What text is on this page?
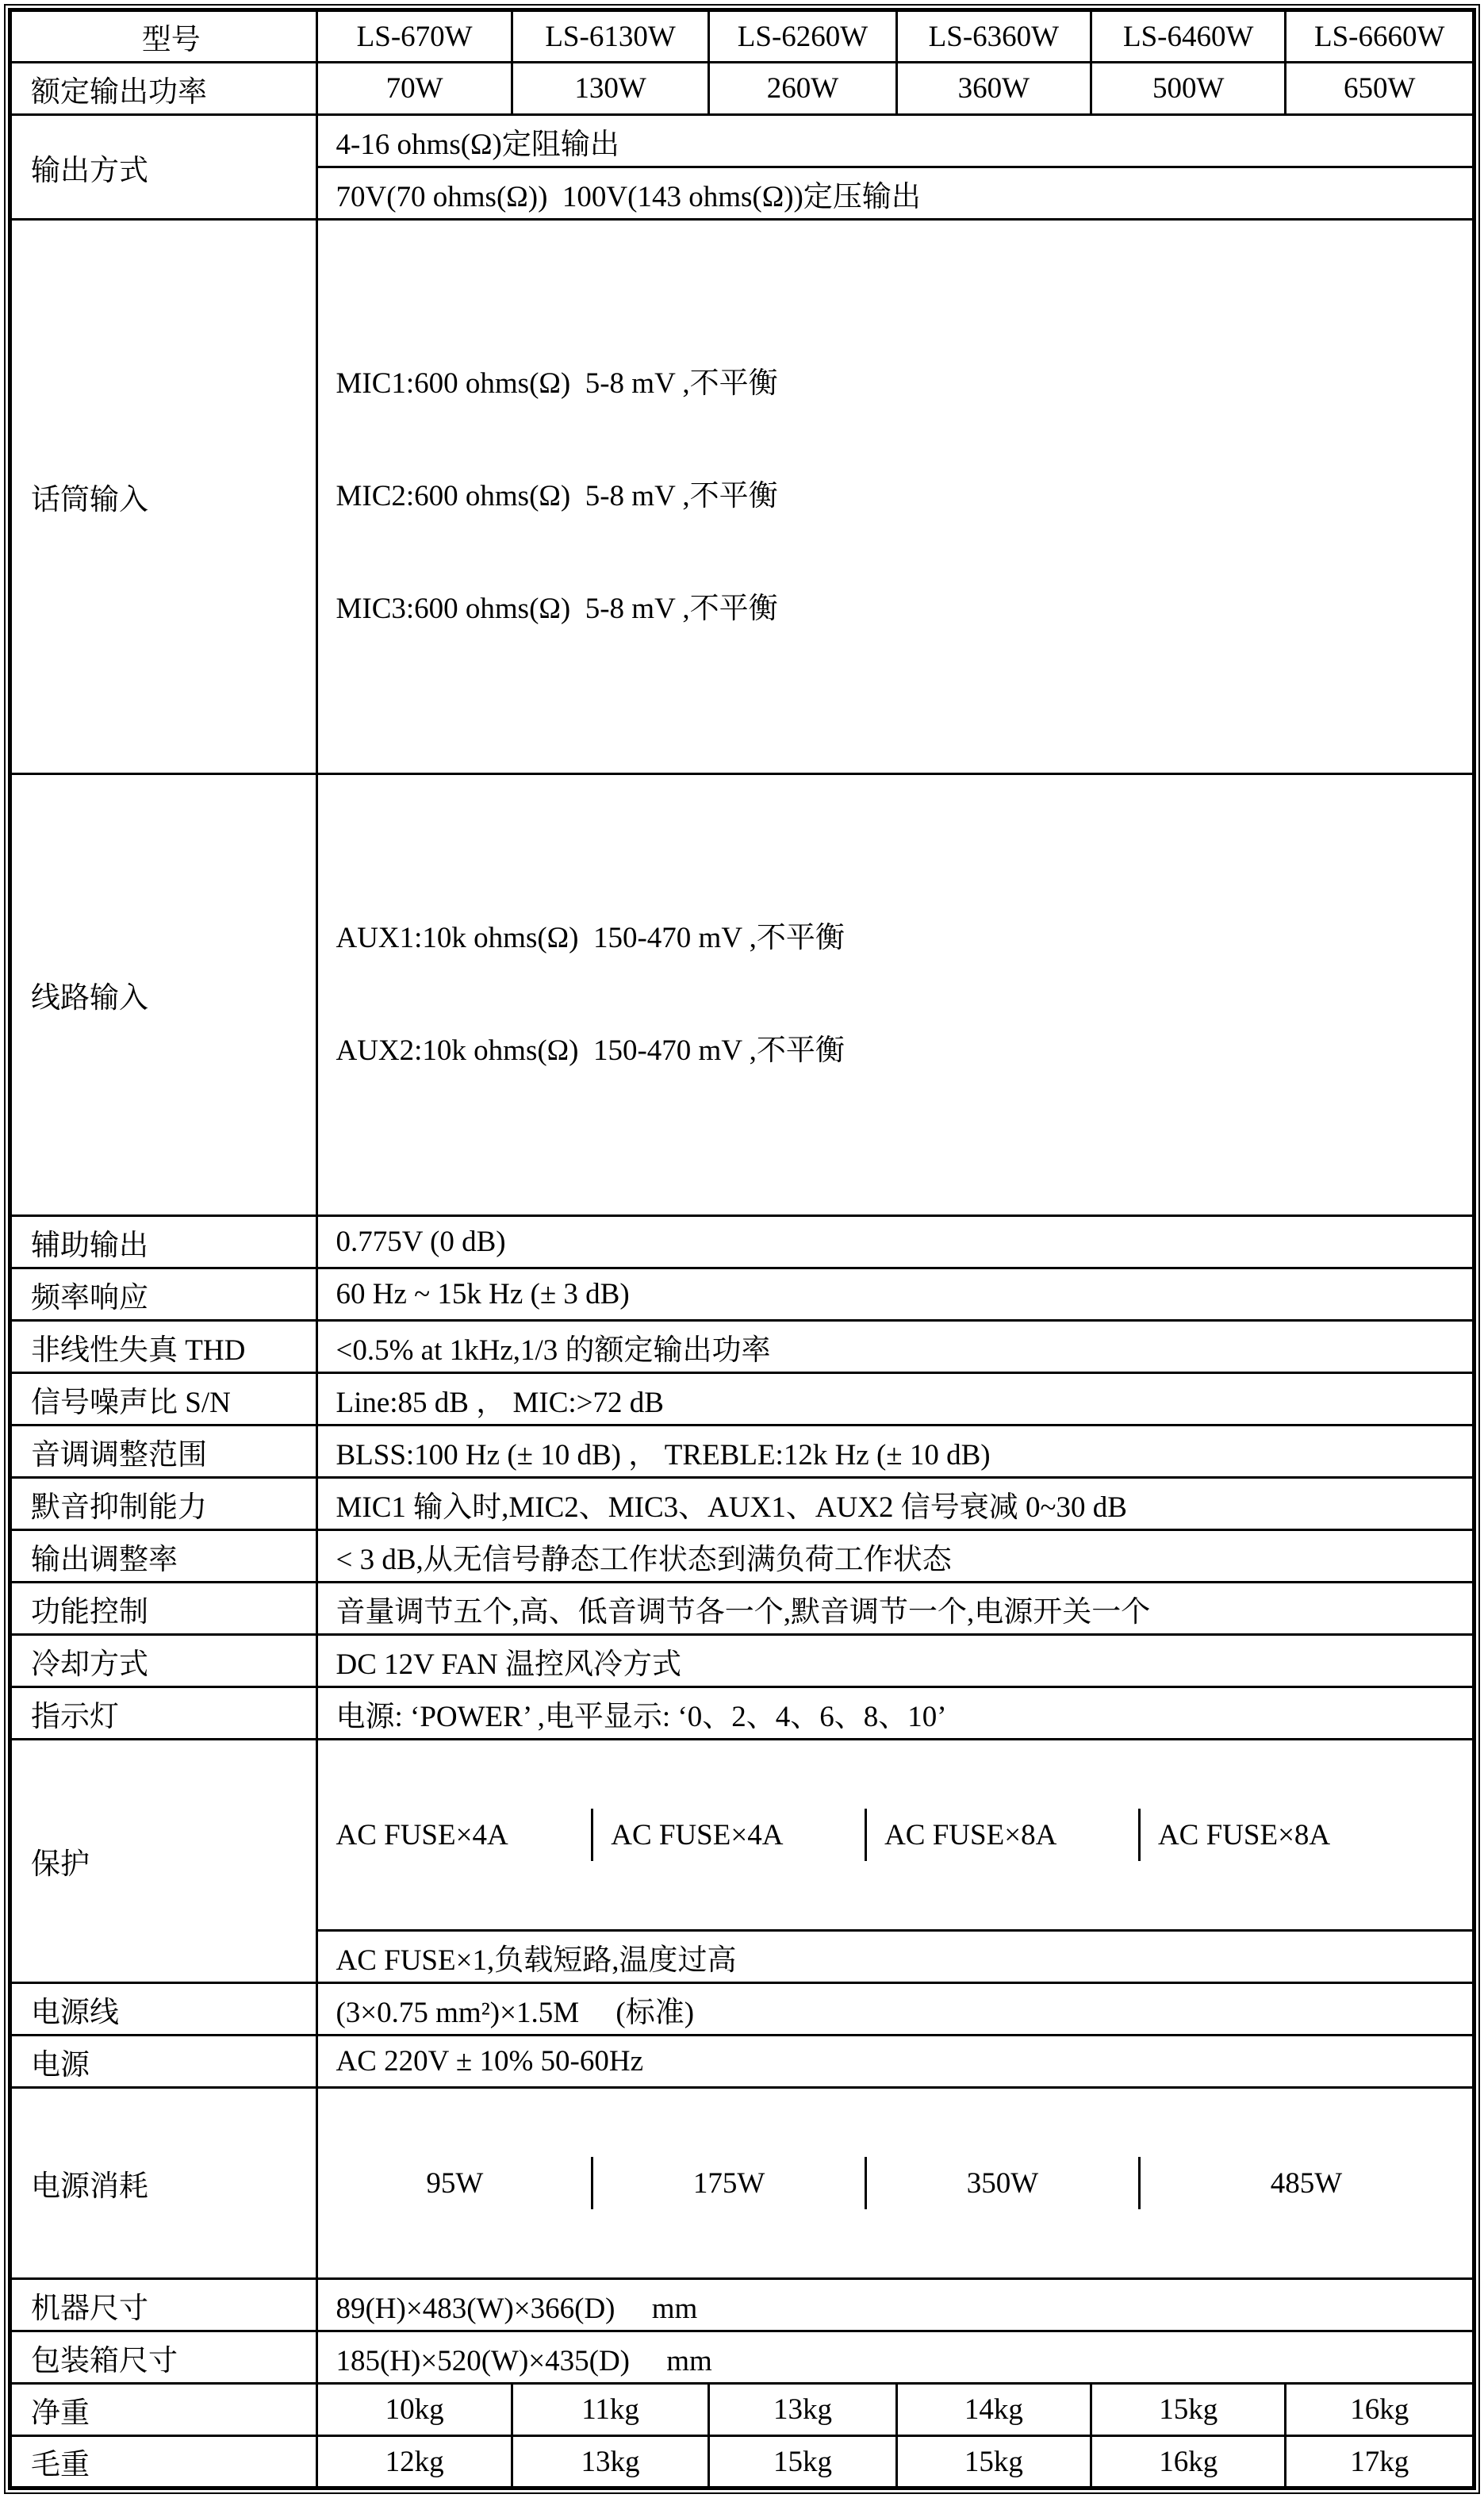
型号	LS-670W	LS-6130W	LS-6260W	LS-6360W	LS-6460W	LS-6660W
额定输出功率	70W	130W	260W	360W	500W	650W
输出方式	4-16 ohms(Ω)定阻输出					
	70V(70 ohms(Ω))  100V(143 ohms(Ω))定压输出					
话筒输入	MIC1:600 ohms(Ω)  5-8 mV ,不平衡

MIC2:600 ohms(Ω)  5-8 mV ,不平衡

MIC3:600 ohms(Ω)  5-8 mV ,不平衡					

线路输入	AUX1:10k ohms(Ω)  150-470 mV ,不平衡

AUX2:10k ohms(Ω)  150-470 mV ,不平衡					

辅助输出	0.775V (0 dB)					
频率响应	60 Hz ~ 15k Hz (± 3 dB)					
非线性失真 THD	<0.5% at 1kHz,1/3 的额定输出功率					
信号噪声比 S/N	Line:85 dB ， MIC:>72 dB					
音调调整范围	BLSS:100 Hz (± 10 dB) ， TREBLE:12k Hz (± 10 dB)					
默音抑制能力	MIC1 输入时,MIC2、MIC3、AUX1、AUX2 信号衰减 0~30 dB					
输出调整率	< 3 dB,从无信号静态工作状态到满负荷工作状态					
功能控制	音量调节五个,高、低音调节各一个,默音调节一个,电源开关一个					
冷却方式	DC 12V FAN 温控风冷方式					
指示灯	电源: ‘POWER’ ,电平显示: ‘0、2、4、6、8、10’					
保护	AC FUSE×4A AC FUSE×4A AC FUSE×8A AC FUSE×8A					

	AC FUSE×1,负载短路,温度过高					
电源线	(3×0.75 mm²)×1.5M　 (标准)					
电源	AC 220V ± 10% 50-60Hz					
电源消耗	95W 175W 350W 485W					

机器尺寸	89(H)×483(W)×366(D)　 mm					
包装箱尺寸	185(H)×520(W)×435(D)　 mm					
净重	10kg	11kg	13kg	14kg	15kg	16kg
毛重	12kg	13kg	15kg	15kg	16kg	17kg
